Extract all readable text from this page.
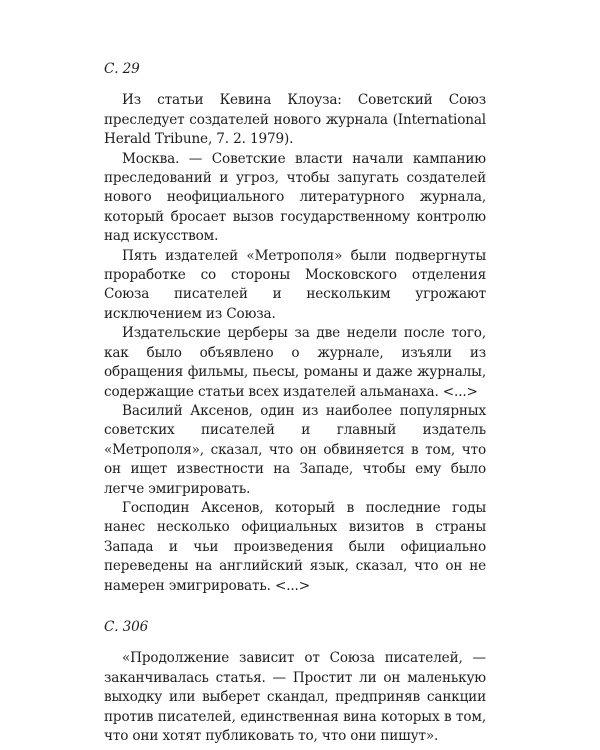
С. 29

Из статьи Кевина Клоуза: Советский Союз преследует создателей нового журнала (International Herald Tribune, 7. 2. 1979).

Москва. — Советские власти начали кампанию преследований и угроз, чтобы запугать создателей нового неофициального литературного журнала, который бросает вызов государственному контролю над искусством.

Пять издателей «Метрополя» были подвергнуты проработке со стороны Московского отделения Союза писателей и нескольким угрожают исключением из Союза.

Издательские церберы за две недели после того, как было объявлено о журнале, изъяли из обращения фильмы, пьесы, романы и даже журналы, содержащие статьи всех издателей альманаха. <...>

Василий Аксенов, один из наиболее популярных советских писателей и главный издатель «Метрополя», сказал, что он обвиняется в том, что он ищет известности на Западе, чтобы ему было легче эмигрировать.

Господин Аксенов, который в последние годы нанес несколько официальных визитов в страны Запада и чьи произведения были официально переведены на английский язык, сказал, что он не намерен эмигрировать. <...>

С. 306

«Продолжение зависит от Союза писателей, — заканчивалась статья. — Простит ли он маленькую выходку или выберет скандал, предприняв санкции против писателей, единственная вина которых в том, что они хотят публиковать то, что они пишут».
